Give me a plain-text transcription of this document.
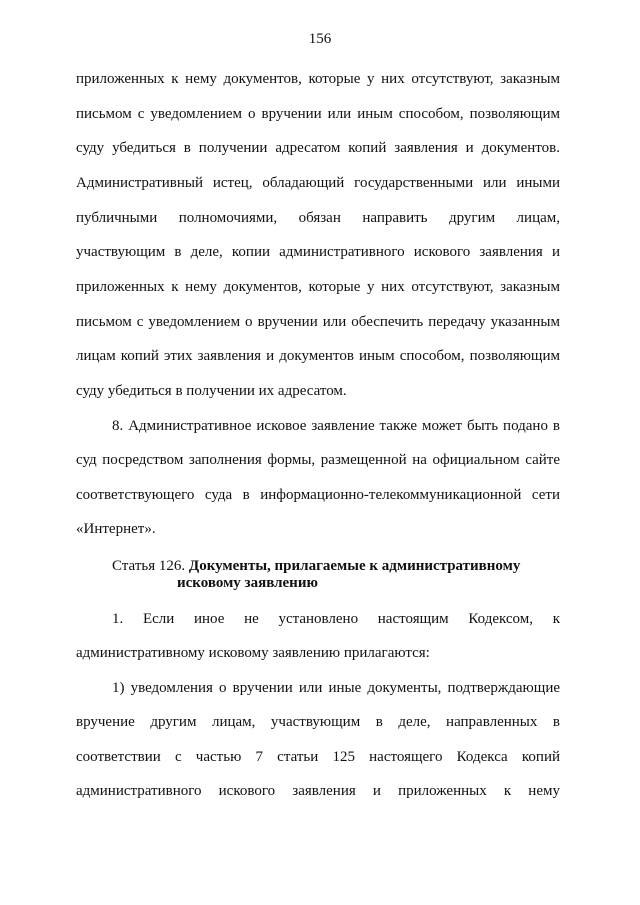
156
приложенных к нему документов, которые у них отсутствуют, заказным
письмом с уведомлением о вручении или иным способом, позволяющим
суду убедиться в получении адресатом копий заявления и документов.
Административный истец, обладающий государственными или иными
публичными полномочиями, обязан направить другим лицам,
участвующим в деле, копии административного искового заявления и
приложенных к нему документов, которые у них отсутствуют, заказным
письмом с уведомлением о вручении или обеспечить передачу указанным
лицам копий этих заявления и документов иным способом, позволяющим
суду убедиться в получении их адресатом.
8. Административное исковое заявление также может быть подано в
суд посредством заполнения формы, размещенной на официальном сайте
соответствующего суда в информационно-телекоммуникационной сети
«Интернет».
Статья 126. Документы, прилагаемые к административному
исковому заявлению
1. Если иное не установлено настоящим Кодексом, к
административному исковому заявлению прилагаются:
1) уведомления о вручении или иные документы, подтверждающие
вручение другим лицам, участвующим в деле, направленных в
соответствии с частью 7 статьи 125 настоящего Кодекса копий
административного искового заявления и приложенных к нему
